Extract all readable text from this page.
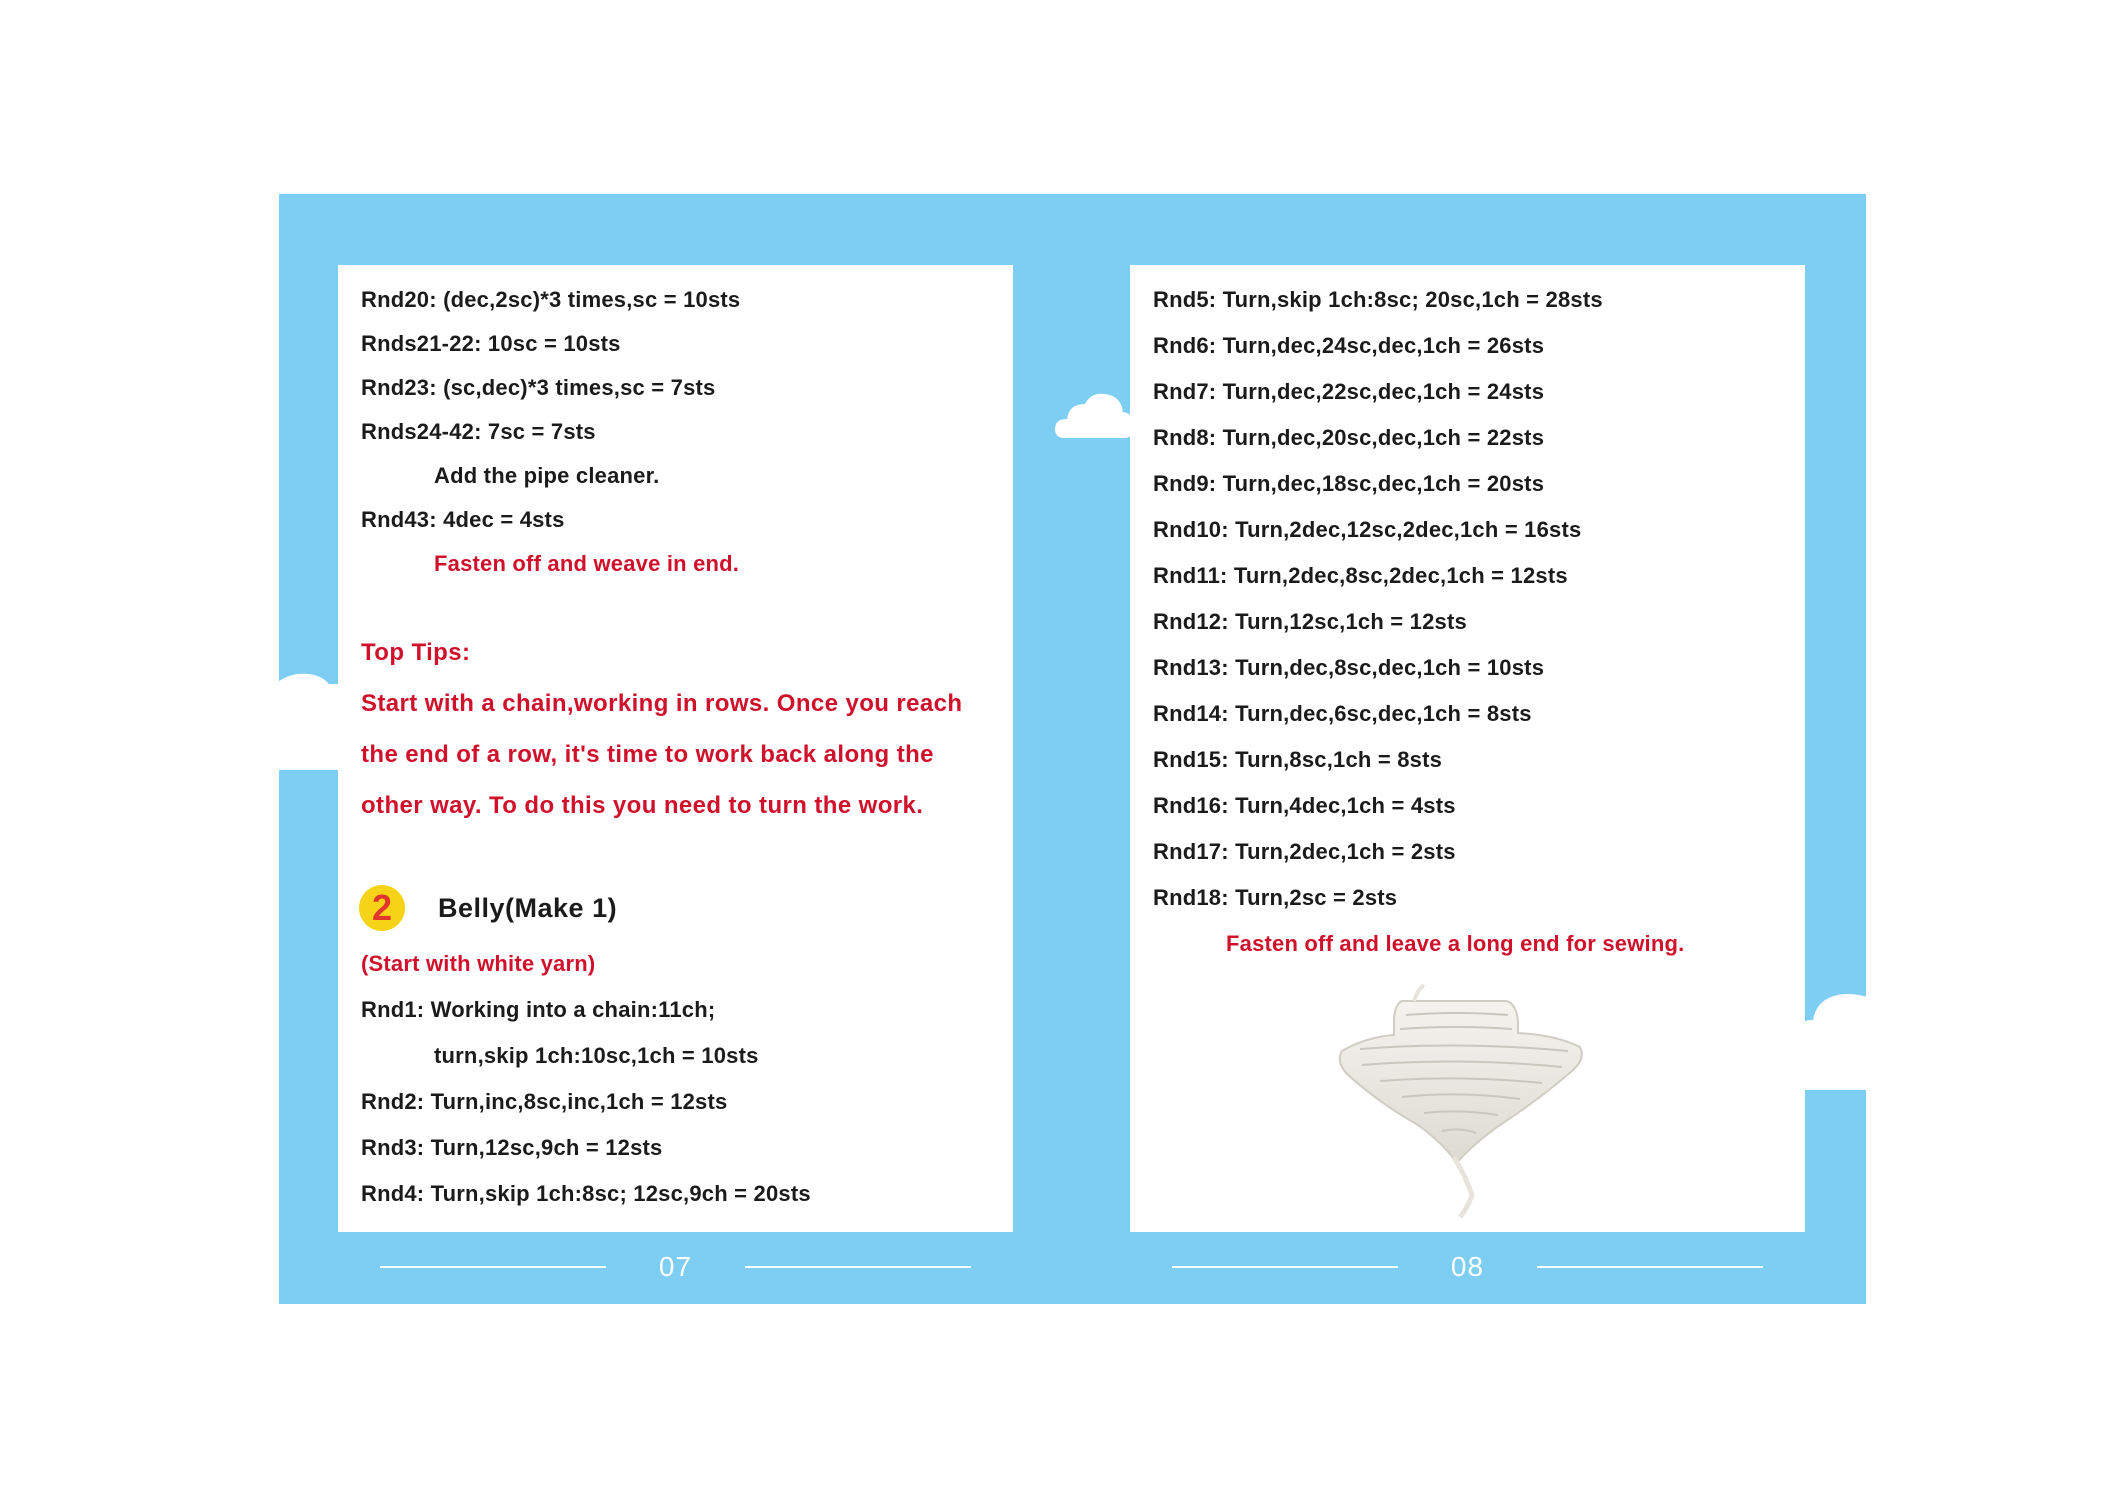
Rnd20: (dec,2sc)*3 times,sc = 10sts
Rnds21-22: 10sc = 10sts
Rnd23: (sc,dec)*3 times,sc = 7sts
Rnds24-42: 7sc = 7sts
Add the pipe cleaner.
Rnd43: 4dec = 4sts
Fasten off and weave in end.
Top Tips:
Start with a chain,working in rows. Once you reach
the end of a row, it's time to work back along the
other way. To do this you need to turn the work.
2	Belly(Make 1)
(Start with white yarn)
Rnd1: Working into a chain:11ch;
turn,skip 1ch:10sc,1ch = 10sts
Rnd2: Turn,inc,8sc,inc,1ch = 12sts
Rnd3: Turn,12sc,9ch = 12sts
Rnd4: Turn,skip 1ch:8sc; 12sc,9ch = 20sts
Rnd5: Turn,skip 1ch:8sc; 20sc,1ch = 28sts
Rnd6: Turn,dec,24sc,dec,1ch = 26sts
Rnd7: Turn,dec,22sc,dec,1ch = 24sts
Rnd8: Turn,dec,20sc,dec,1ch = 22sts
Rnd9: Turn,dec,18sc,dec,1ch = 20sts
Rnd10: Turn,2dec,12sc,2dec,1ch = 16sts
Rnd11: Turn,2dec,8sc,2dec,1ch = 12sts
Rnd12: Turn,12sc,1ch = 12sts
Rnd13: Turn,dec,8sc,dec,1ch = 10sts
Rnd14: Turn,dec,6sc,dec,1ch = 8sts
Rnd15: Turn,8sc,1ch = 8sts
Rnd16: Turn,4dec,1ch = 4sts
Rnd17: Turn,2dec,1ch = 2sts
Rnd18: Turn,2sc = 2sts
Fasten off and leave a long end for sewing.
07	08
